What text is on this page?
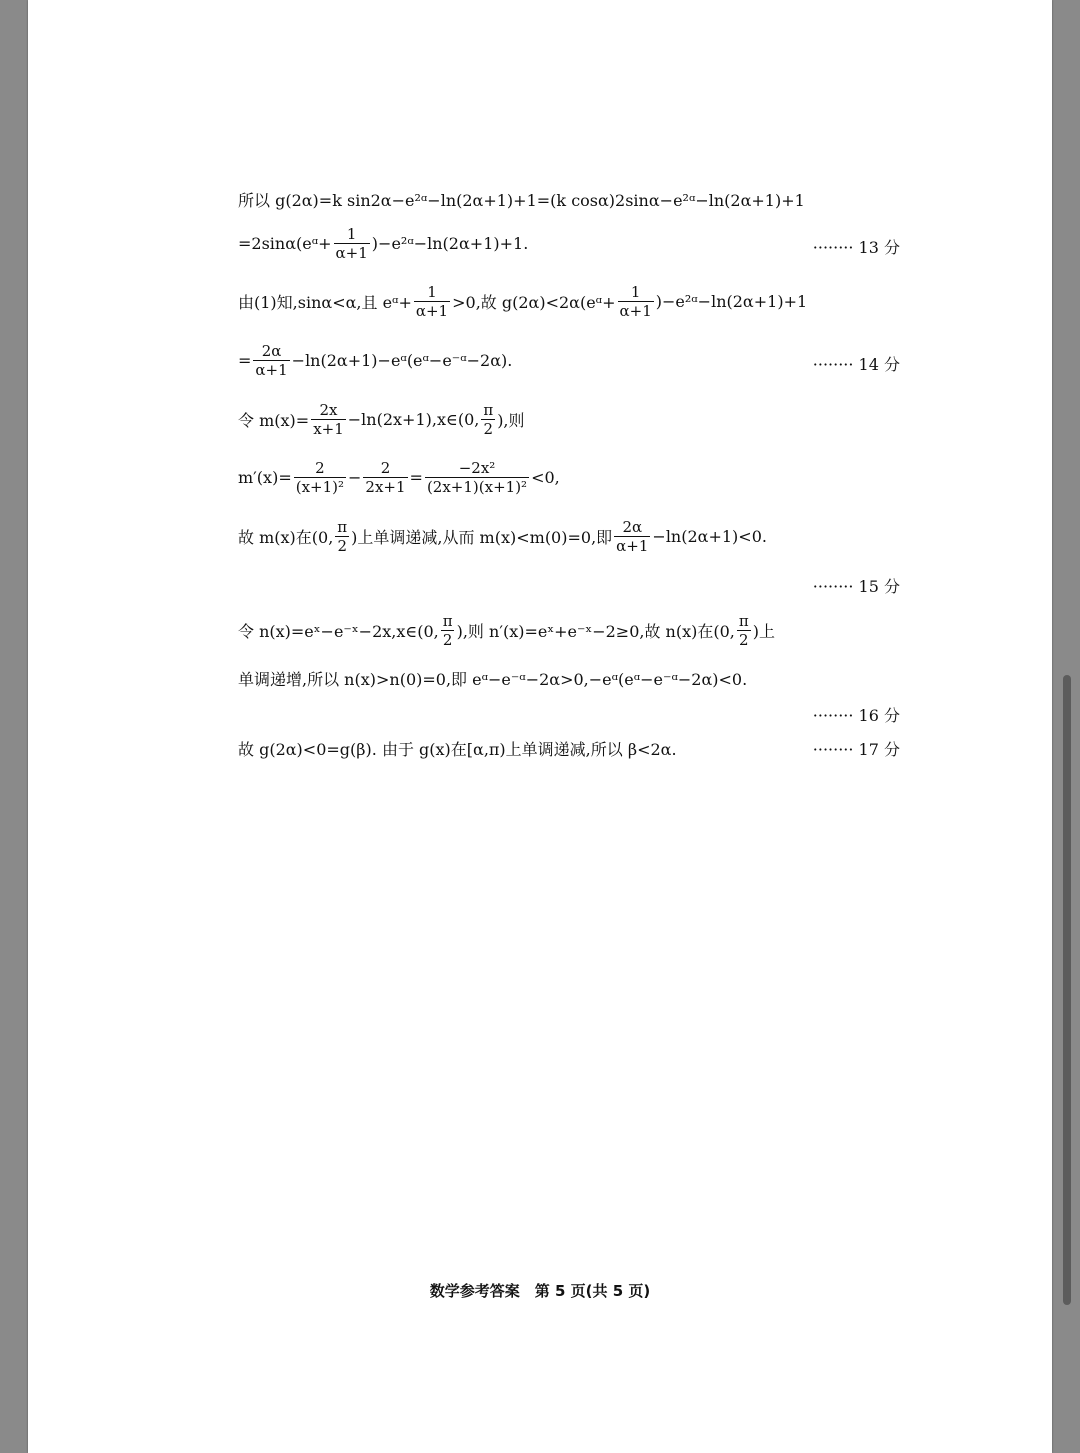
所以 g(2α)=k sin2α−e²ᵅ−ln(2α+1)+1=(k cosα)2sinα−e²ᵅ−ln(2α+1)+1
=2sinα(eᵅ+ $\frac{1}{\alpha+1}$ )−e²ᵅ−ln(2α+1)+1.	········ 13 分
由(1)知,sinα<α,且 eᵅ+ $\frac{1}{\alpha+1} >0$,故 g(2α)<2α(eᵅ+ $\frac{1}{\alpha+1}$ )−e²ᵅ−ln(2α+1)+1
= $\frac{2\alpha}{\alpha+1}$ −ln(2α+1)−eᵅ(eᵅ−e⁻ᵅ−2α).	········ 14 分
令 $m(x)= \frac{2x}{x+1}$ −ln(2x+1),x∈(0, $\frac{\pi}{2}$ ),则
$m'(x)= \frac{2}{\text{(x+1)²}} - \frac{2}{2x+1} = \frac{\text{−2x²}}{\text{(2x+1)(x+1)²}} <0$,
故 m(x)在(0, $\frac{\pi}{2}$ )上单调递减,从而 m(x)<m(0)=0,即 $\frac{2\alpha}{\alpha+1} -\ln(2\alpha+1)<0$.
········ 15 分
令 n(x)=eˣ−e⁻ˣ−2x,x∈(0, $\frac{\pi}{2}$ ),则 n′(x)=eˣ+e⁻ˣ−2≥0,故 n(x)在(0, $\frac{\pi}{2}$ )上
单调递增,所以 n(x)>n(0)=0,即 eᵅ−e⁻ᵅ−2α>0,−eᵅ(eᵅ−e⁻ᵅ−2α)<0.
········ 16 分
故 g(2α)<0=g(β). 由于 g(x)在[α,π)上单调递减,所以 β<2α.	········ 17 分
数学参考答案　第 5 页(共 5 页)
